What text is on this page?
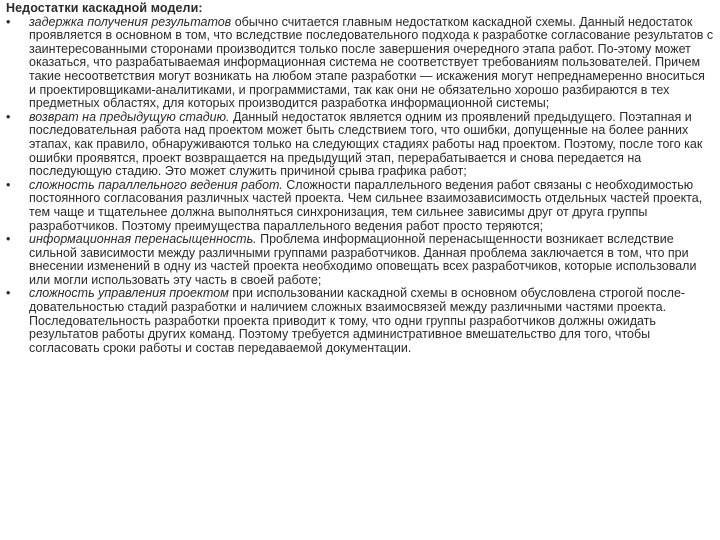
Недостатки каскадной модели:
•	задержка получения результатов обычно считается главным недостатком каскадной схемы. Данный недостаток проявляется в основном в том, что вследствие последовательного подхода к разработке согласование результатов с заинтересованными сторонами производится только после завершения очередного этапа работ. По-этому может оказаться, что разрабатываемая информационная система не соответствует требованиям пользователей. Причем такие несоответствия могут возникать на любом этапе разработки — искажения могут непреднамеренно вноситься и проектировщиками-аналитиками, и программистами, так как они не обязательно хорошо разбираются в тех предметных областях, для которых производится разработка информационной системы;
•	возврат на предыдущую стадию. Данный недостаток является одним из проявлений предыдущего. Поэтапная и последовательная работа над проектом может быть следствием того, что ошибки, допущенные на более ранних этапах, как правило, обнаруживаются только на следующих стадиях работы над проектом. Поэтому, после того как ошибки проявятся, проект возвращается на предыдущий этап, перерабатывается и снова передается на последующую стадию. Это может служить причиной срыва графика работ;
•	сложность параллельного ведения работ. Сложности параллельного ведения работ связаны с необходимостью постоянного согласования различных частей проекта. Чем сильнее взаимозависимость отдельных частей проекта, тем чаще и тщательнее должна выполняться синхронизация, тем сильнее зависимы друг от друга группы разработчиков. Поэтому преимущества параллельного ведения работ просто теряются;
•	информационная перенасыщенность. Проблема информационной перенасыщенности возникает вследствие сильной зависимости между различными группами разработчиков. Данная проблема заключается в том, что при внесении изменений в одну из частей проекта необходимо оповещать всех разработчиков, которые использовали или могли использовать эту часть в своей работе;
•	сложность управления проектом при использовании каскадной схемы в основном обусловлена строгой после-довательностью стадий разработки и наличием сложных взаимосвязей между различными частями проекта. Последовательность разработки проекта приводит к тому, что одни группы разработчиков должны ожидать результатов работы других команд. Поэтому требуется административное вмешательство для того, чтобы согласовать сроки работы и состав передаваемой документации.
